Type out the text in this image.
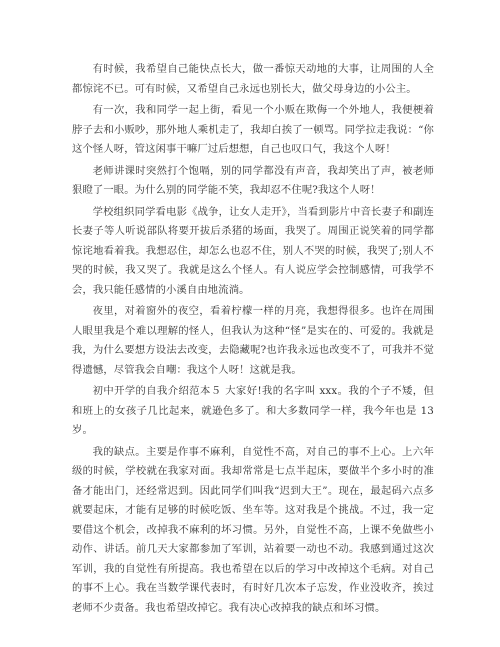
有时候，我希望自己能快点长大，做一番惊天动地的大事，让周围的人全都惊诧不已。可有时候，又希望自己永远也别长大，做父母身边的小公主。

有一次，我和同学一起上街，看见一个小贩在欺侮一个外地人，我便梗着脖子去和小贩吵，那外地人乘机走了，我却白挨了一顿骂。同学拉走我说：“你这个怪人呀，管这闲事干嘛厂过后想想，自己也叹口气，我这个人呀！

老师讲课时突然打个饱嗝，别的同学都没有声音，我却笑出了声，被老师狠瞪了一眼。为什么别的同学能不笑，我却忍不住呢?我这个人呀！

学校组织同学看电影《战争，让女人走开》，当看到影片中音长妻子和副连长妻子等人听说部队将要开拔后杀猪的场面，我哭了。周围正说笑着的同学都惊诧地看着我。我想忍住，却怎么也忍不住，别人不哭的时候，我哭了;别人不哭的时候，我又哭了。我就是这么个怪人。有人说应学会控制感情，可我学不会，我只能任感情的小溪自由地流淌。

夜里，对着窗外的夜空，看着柠檬一样的月亮，我想得很多。也许在周围人眼里我是个难以理解的怪人，但我认为这种“怪”是实在的、可爱的。我就是我，为什么要想方设法去改变，去隐藏呢?也许我永远也改变不了，可我并不觉得遗憾，尽管我会自嘲：我这个人呀！这就是我。

初中开学的自我介绍范本５ 大家好!我的名字叫 xxx。我的个子不矮，但和班上的女孩子几比起来，就逊色多了。和大多数同学一样，我今年也是 13 岁。

我的缺点。主要是作事不麻利，自觉性不高，对自己的事不上心。上六年级的时候，学校就在我家对面。我却常常是七点半起床，要做半个多小时的准备才能出门，还经常迟到。因此同学们叫我“迟到大王”。现在，最起码六点多就要起床，才能有足够的时候吃饭、坐车等。这对我是个挑战。不过，我一定要借这个机会，改掉我不麻利的坏习惯。另外，自觉性不高，上课不免做些小动作、讲话。前几天大家都参加了军训，站着要一动也不动。我感到通过这次军训，我的自觉性有所提高。我也希望在以后的学习中改掉这个毛病。对自己的事不上心。我在当数学课代表时，有时好几次本子忘发，作业没收齐，挨过老师不少责备。我也希望改掉它。我有决心改掉我的缺点和坏习惯。
